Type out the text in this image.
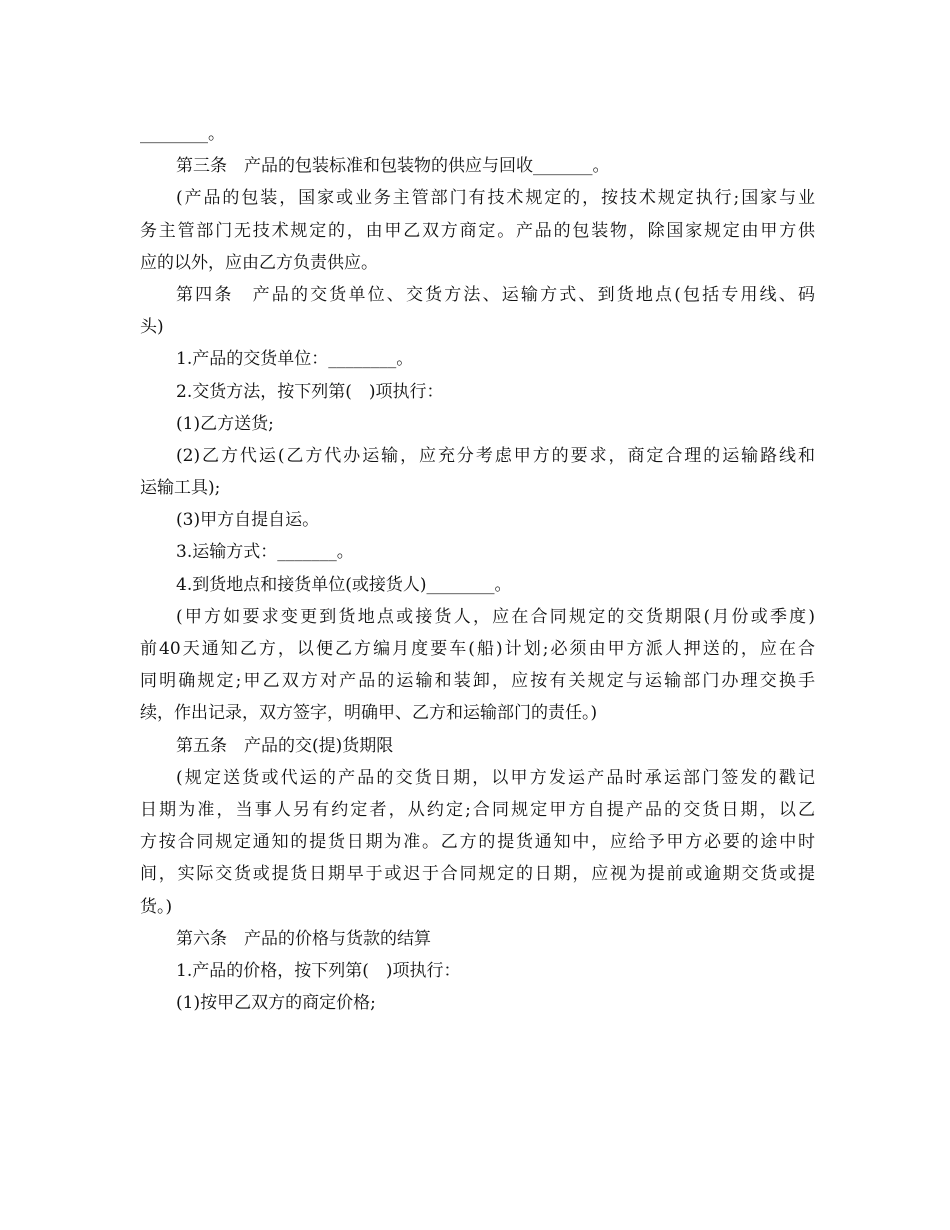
________。
第三条　产品的包装标准和包装物的供应与回收_______。
(产品的包装，国家或业务主管部门有技术规定的，按技术规定执行;国家与业
务主管部门无技术规定的，由甲乙双方商定。产品的包装物，除国家规定由甲方供
应的以外，应由乙方负责供应。
第四条　产品的交货单位、交货方法、运输方式、到货地点(包括专用线、码
头)
1.产品的交货单位：________。
2.交货方法，按下列第(　)项执行：
(1)乙方送货;
(2)乙方代运(乙方代办运输，应充分考虑甲方的要求，商定合理的运输路线和
运输工具);
(3)甲方自提自运。
3.运输方式：_______。
4.到货地点和接货单位(或接货人)________。
(甲方如要求变更到货地点或接货人，应在合同规定的交货期限(月份或季度)
前40天通知乙方，以便乙方编月度要车(船)计划;必须由甲方派人押送的，应在合
同明确规定;甲乙双方对产品的运输和装卸，应按有关规定与运输部门办理交换手
续，作出记录，双方签字，明确甲、乙方和运输部门的责任。)
第五条　产品的交(提)货期限
(规定送货或代运的产品的交货日期，以甲方发运产品时承运部门签发的戳记
日期为准，当事人另有约定者，从约定;合同规定甲方自提产品的交货日期，以乙
方按合同规定通知的提货日期为准。乙方的提货通知中，应给予甲方必要的途中时
间，实际交货或提货日期早于或迟于合同规定的日期，应视为提前或逾期交货或提
货。)
第六条　产品的价格与货款的结算
1.产品的价格，按下列第(　)项执行：
(1)按甲乙双方的商定价格;
